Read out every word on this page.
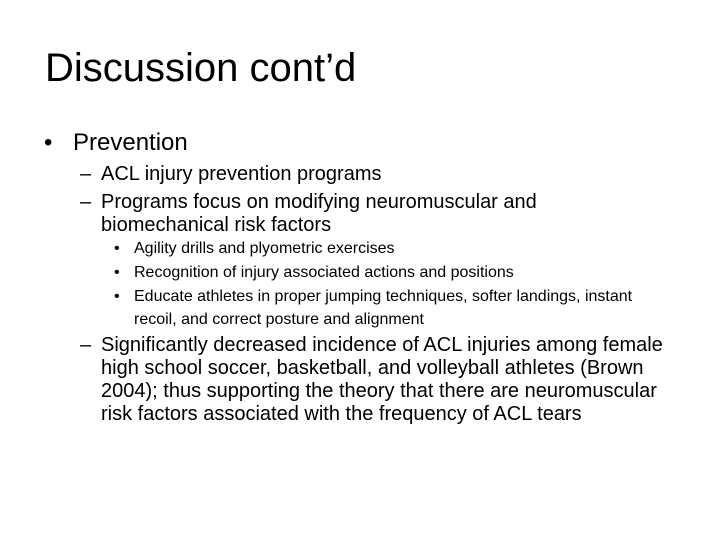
Discussion cont’d
• Prevention
– ACL injury prevention programs
– Programs focus on modifying neuromuscular and biomechanical risk factors
• Agility drills and plyometric exercises
• Recognition of injury associated actions and positions
• Educate athletes in proper jumping techniques, softer landings, instant recoil, and correct posture and alignment
– Significantly decreased incidence of ACL injuries among female high school soccer, basketball, and volleyball athletes (Brown 2004); thus supporting the theory that there are neuromuscular risk factors associated with the frequency of ACL tears
